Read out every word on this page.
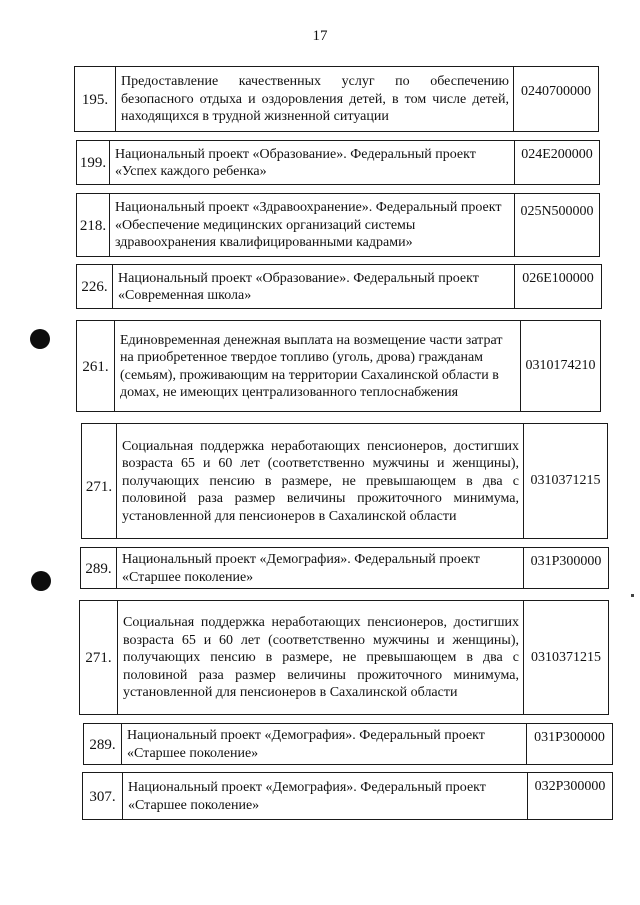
17
195.
Предоставление качественных услуг по обеспечению безопасного отдыха и оздоровления детей, в том числе детей, находящихся в трудной жизненной ситуации
0240700000
199.
Национальный проект «Образование». Федеральный проект «Успех каждого ребенка»
024E200000
218.
Национальный проект «Здравоохранение». Федеральный проект «Обеспечение медицинских организаций системы здравоохранения квалифицированными кадрами»
025N500000
226.
Национальный проект «Образование». Федеральный проект «Современная школа»
026E100000
261.
Единовременная денежная выплата на возмещение части затрат на приобретенное твердое топливо (уголь, дрова) гражданам (семьям), проживающим на территории Сахалинской области в домах, не имеющих централизованного теплоснабжения
0310174210
271.
Социальная поддержка неработающих пенсионеров, достигших возраста 65 и 60 лет (соответственно мужчины и женщины), получающих пенсию в размере, не превышающем в два с половиной раза размер величины прожиточного минимума, установленной для пенсионеров в Сахалинской области
0310371215
289.
Национальный проект «Демография». Федеральный проект «Старшее поколение»
031P300000
271.
Социальная поддержка неработающих пенсионеров, достигших возраста 65 и 60 лет (соответственно мужчины и женщины), получающих пенсию в размере, не превышающем в два с половиной раза размер величины прожиточного минимума, установленной для пенсионеров в Сахалинской области
0310371215
289.
Национальный проект «Демография». Федеральный проект «Старшее поколение»
031P300000
307.
Национальный проект «Демография». Федеральный проект «Старшее поколение»
032P300000
